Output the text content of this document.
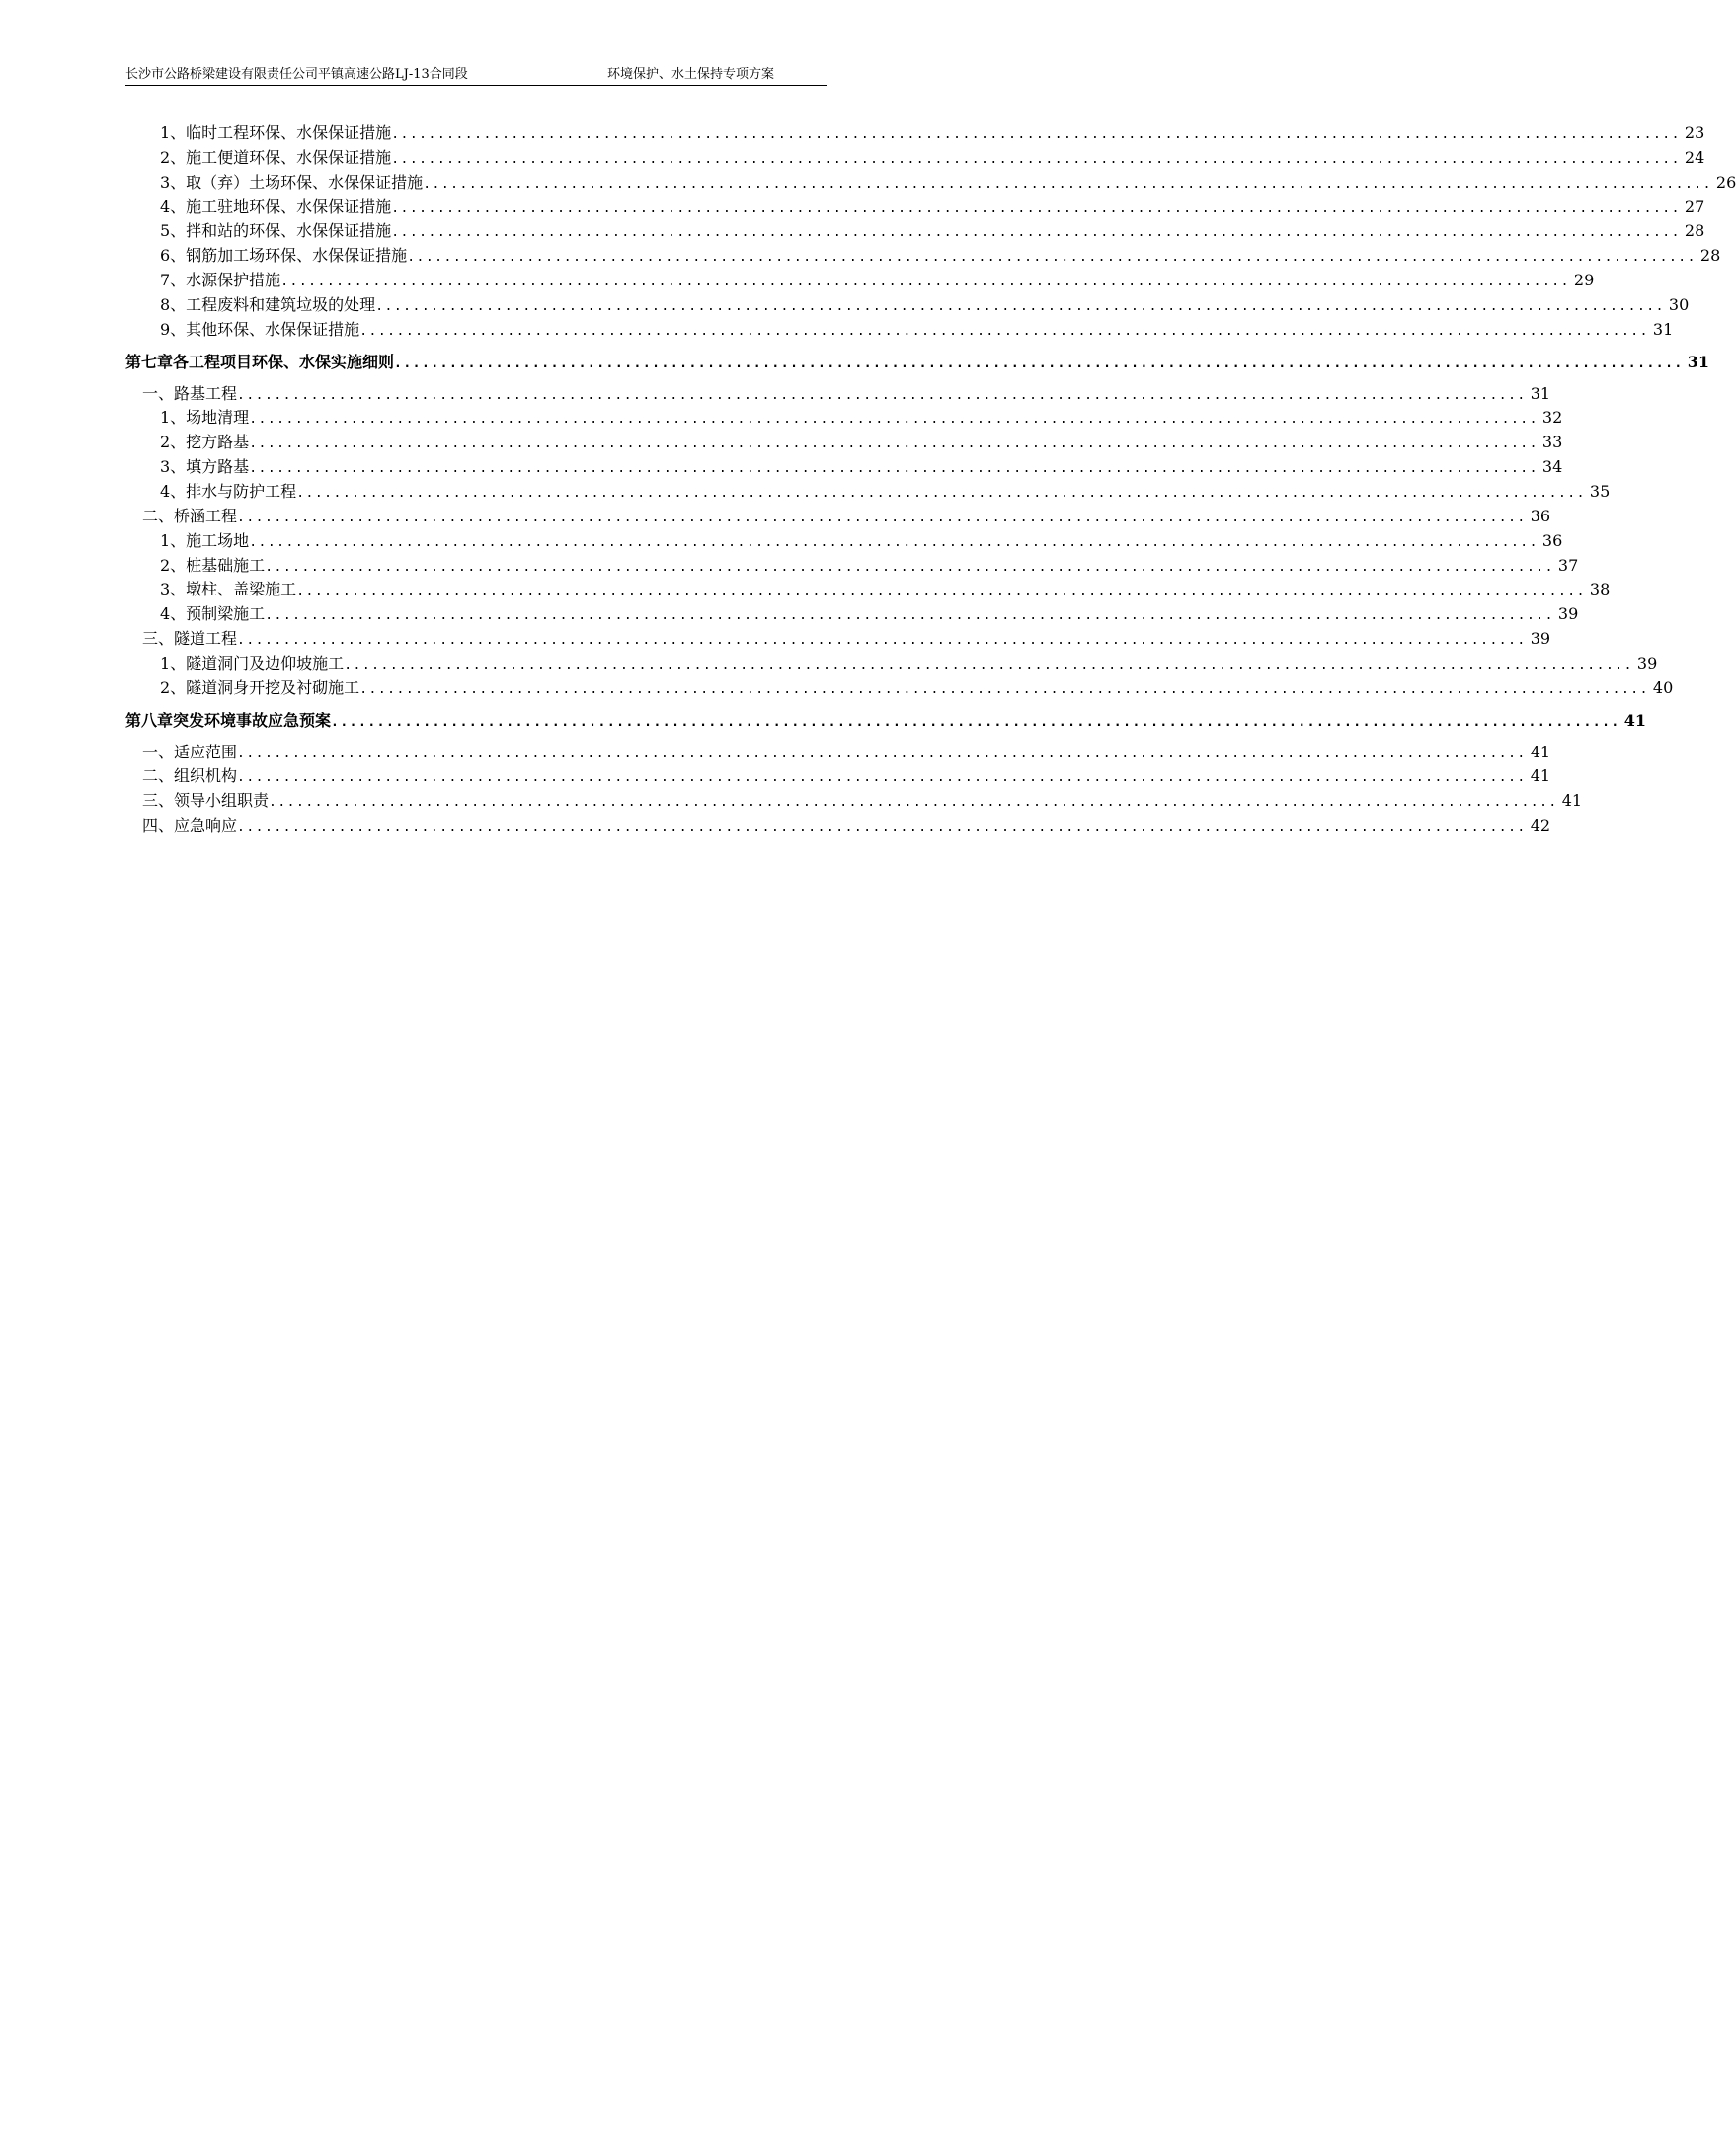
长沙市公路桥梁建设有限责任公司平镇高速公路LJ-13合同段	环境保护、水土保持专项方案
1、临时工程环保、水保保证措施 ............................................................................................................................................ 23
2、施工便道环保、水保保证措施 ............................................................................................................................................ 24
3、取（弃）土场环保、水保保证措施 ............................................................................................................................................ 26
4、施工驻地环保、水保保证措施 ............................................................................................................................................ 27
5、拌和站的环保、水保保证措施 ............................................................................................................................................ 28
6、钢筋加工场环保、水保保证措施 ............................................................................................................................................ 28
7、水源保护措施 ............................................................................................................................................ 29
8、工程废料和建筑垃圾的处理 ............................................................................................................................................ 30
9、其他环保、水保保证措施 ............................................................................................................................................ 31
第七章 各工程项目环保、水保实施细则 ............................................................................................................................................ 31
一、路基工程 ............................................................................................................................................ 31
1、场地清理 ............................................................................................................................................ 32
2、挖方路基 ............................................................................................................................................ 33
3、填方路基 ............................................................................................................................................ 34
4、排水与防护工程 ............................................................................................................................................ 35
二、桥涵工程 ............................................................................................................................................ 36
1、施工场地 ............................................................................................................................................ 36
2、桩基础施工 ............................................................................................................................................ 37
3、墩柱、盖梁施工 ............................................................................................................................................ 38
4、预制梁施工 ............................................................................................................................................ 39
三、隧道工程 ............................................................................................................................................ 39
1、隧道洞门及边仰坡施工 ............................................................................................................................................ 39
2、隧道洞身开挖及衬砌施工 ............................................................................................................................................ 40
第八章 突发环境事故应急预案 ............................................................................................................................................ 41
一、适应范围 ............................................................................................................................................ 41
二、组织机构 ............................................................................................................................................ 41
三、领导小组职责 ............................................................................................................................................ 41
四、应急响应 ............................................................................................................................................ 42
